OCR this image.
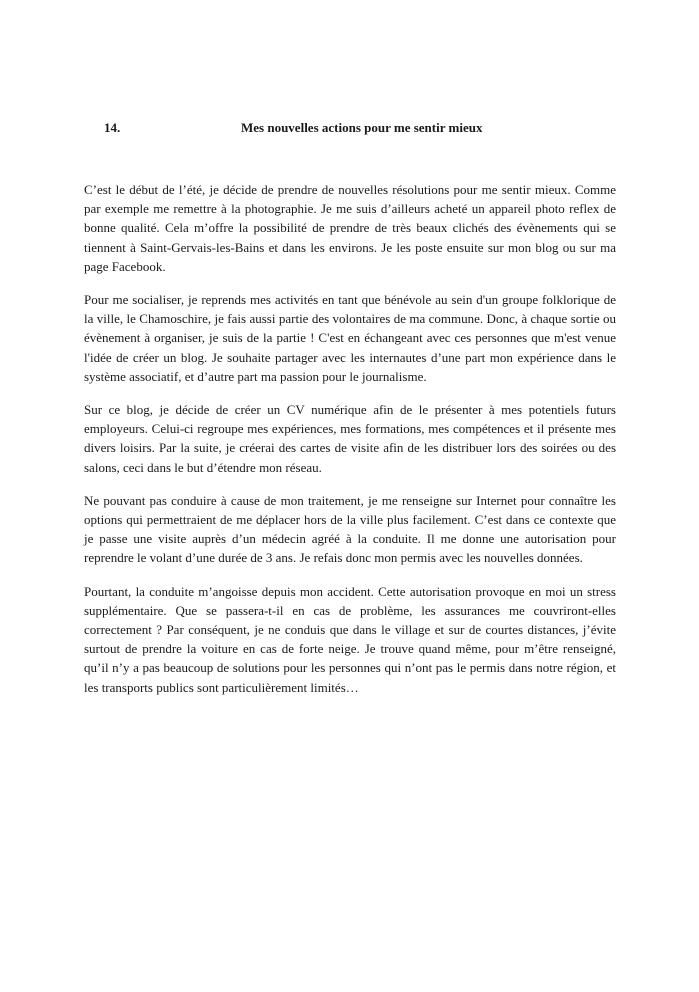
14.	Mes nouvelles actions pour me sentir mieux

C’est le début de l’été, je décide de prendre de nouvelles résolutions pour me sentir mieux. Comme par exemple me remettre à la photographie. Je me suis d’ailleurs acheté un appareil photo reflex de bonne qualité. Cela m’offre la possibilité de prendre de très beaux clichés des évènements qui se tiennent à Saint-Gervais-les-Bains et dans les environs. Je les poste ensuite sur mon blog ou sur ma page Facebook.

Pour me socialiser, je reprends mes activités en tant que bénévole au sein d'un groupe folklorique de la ville, le Chamoschire, je fais aussi partie des volontaires de ma commune. Donc, à chaque sortie ou évènement à organiser, je suis de la partie ! C'est en échangeant avec ces personnes que m'est venue l'idée de créer un blog. Je souhaite partager avec les internautes d’une part mon expérience dans le système associatif, et d’autre part ma passion pour le journalisme.

Sur ce blog, je décide de créer un CV numérique afin de le présenter à mes potentiels futurs employeurs. Celui-ci regroupe mes expériences, mes formations, mes compétences et il présente mes divers loisirs. Par la suite, je créerai des cartes de visite afin de les distribuer lors des soirées ou des salons, ceci dans le but d’étendre mon réseau.

Ne pouvant pas conduire à cause de mon traitement, je me renseigne sur Internet pour connaître les options qui permettraient de me déplacer hors de la ville plus facilement. C’est dans ce contexte que je passe une visite auprès d’un médecin agréé à la conduite. Il me donne une autorisation pour reprendre le volant d’une durée de 3 ans. Je refais donc mon permis avec les nouvelles données.

Pourtant, la conduite m’angoisse depuis mon accident. Cette autorisation provoque en moi un stress supplémentaire. Que se passera-t-il en cas de problème, les assurances me couvriront-elles correctement ? Par conséquent, je ne conduis que dans le village et sur de courtes distances, j’évite surtout de prendre la voiture en cas de forte neige. Je trouve quand même, pour m’être renseigné, qu’il n’y a pas beaucoup de solutions pour les personnes qui n’ont pas le permis dans notre région, et les transports publics sont particulièrement limités…
